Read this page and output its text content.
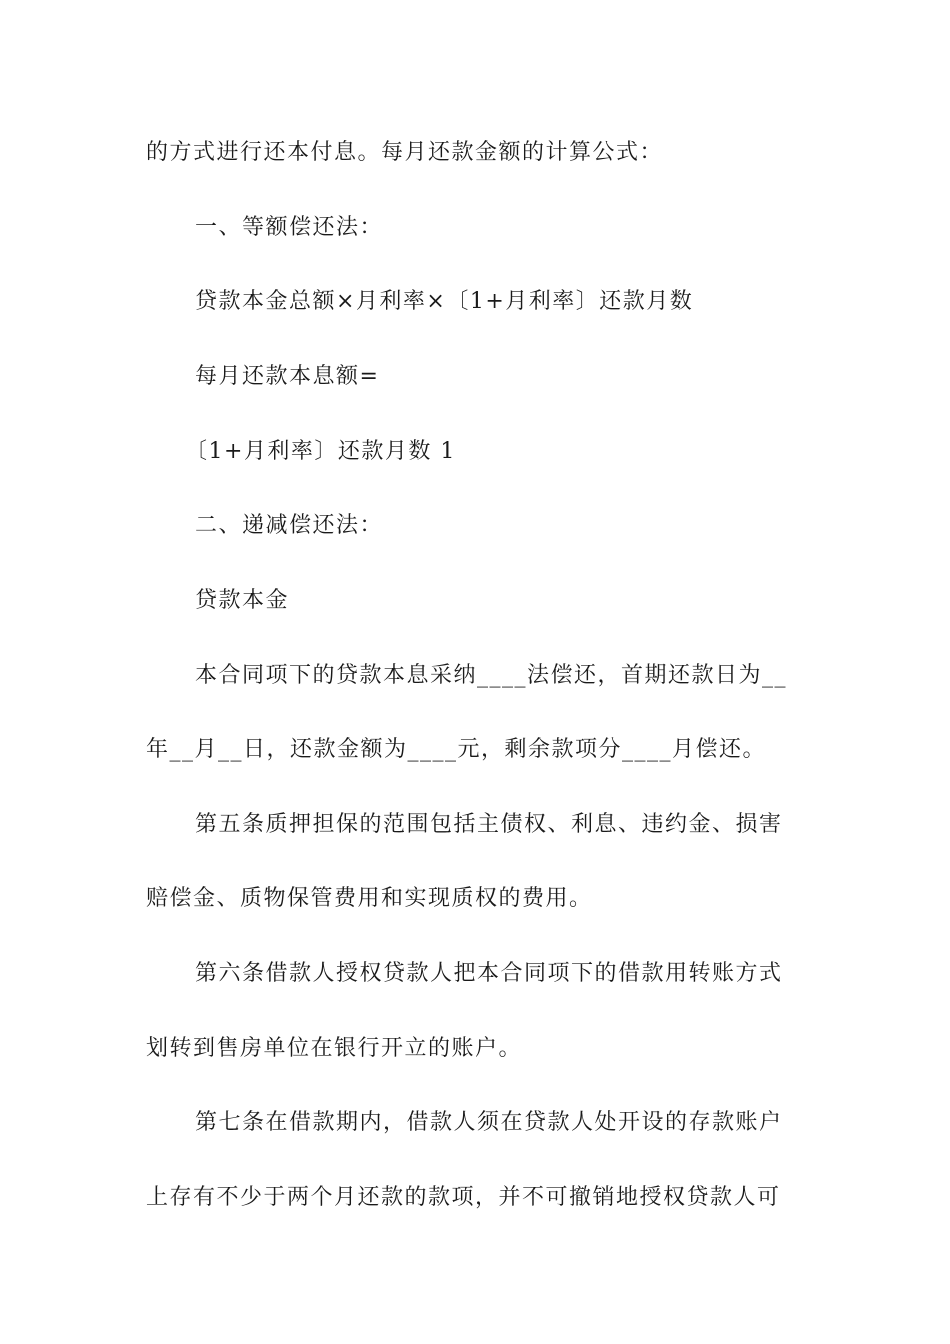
的方式进行还本付息。每月还款金额的计算公式：
一、等额偿还法：
贷款本金总额×月利率×〔1+月利率〕还款月数
每月还款本息额=
〔1+月利率〕还款月数 1
二、递减偿还法：
贷款本金
本合同项下的贷款本息采纳____法偿还，首期还款日为__
年__月__日，还款金额为____元，剩余款项分____月偿还。
第五条质押担保的范围包括主债权、利息、违约金、损害
赔偿金、质物保管费用和实现质权的费用。
第六条借款人授权贷款人把本合同项下的借款用转账方式
划转到售房单位在银行开立的账户。
第七条在借款期内，借款人须在贷款人处开设的存款账户
上存有不少于两个月还款的款项，并不可撤销地授权贷款人可
